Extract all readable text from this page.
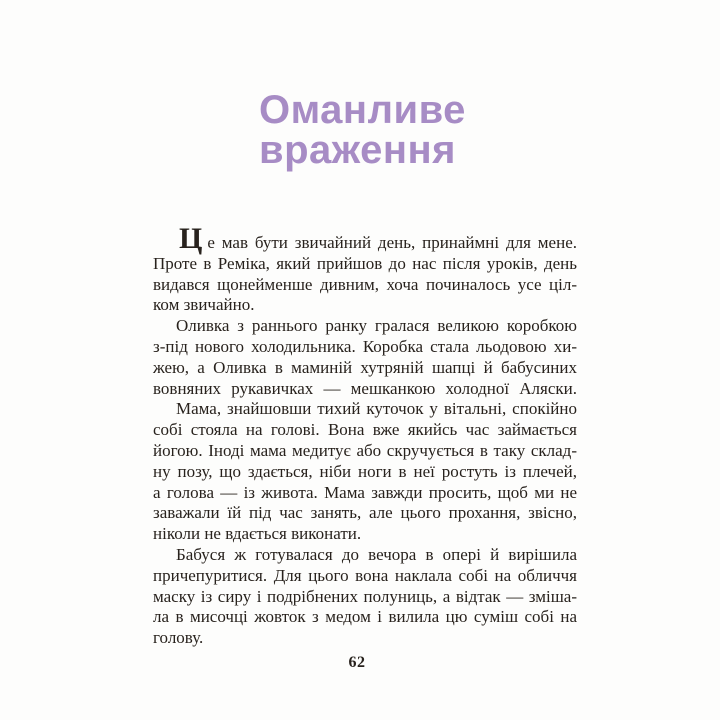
Оманливе
враження
Це мав бути звичайний день, принаймні для мене.
Проте в Реміка, який прийшов до нас після уроків, день
видався щонейменше дивним, хоча починалось усе ціл-
ком звичайно.
Оливка з раннього ранку гралася великою коробкою
з-під нового холодильника. Коробка стала льодовою хи-
жею, а Оливка в маминій хутряній шапці й бабусиних
вовняних рукавичках — мешканкою холодної Аляски.
Мама, знайшовши тихий куточок у вітальні, спокійно
собі стояла на голові. Вона вже якийсь час займається
йогою. Іноді мама медитує або скручується в таку склад-
ну позу, що здається, ніби ноги в неї ростуть із плечей,
а голова — із живота. Мама завжди просить, щоб ми не
заважали їй під час занять, але цього прохання, звісно,
ніколи не вдається виконати.
Бабуся ж готувалася до вечора в опері й вирішила
причепуритися. Для цього вона наклала собі на обличчя
маску із сиру і подрібнених полуниць, а відтак — зміша-
ла в мисочці жовток з медом і вилила цю суміш собі на
голову.
62
